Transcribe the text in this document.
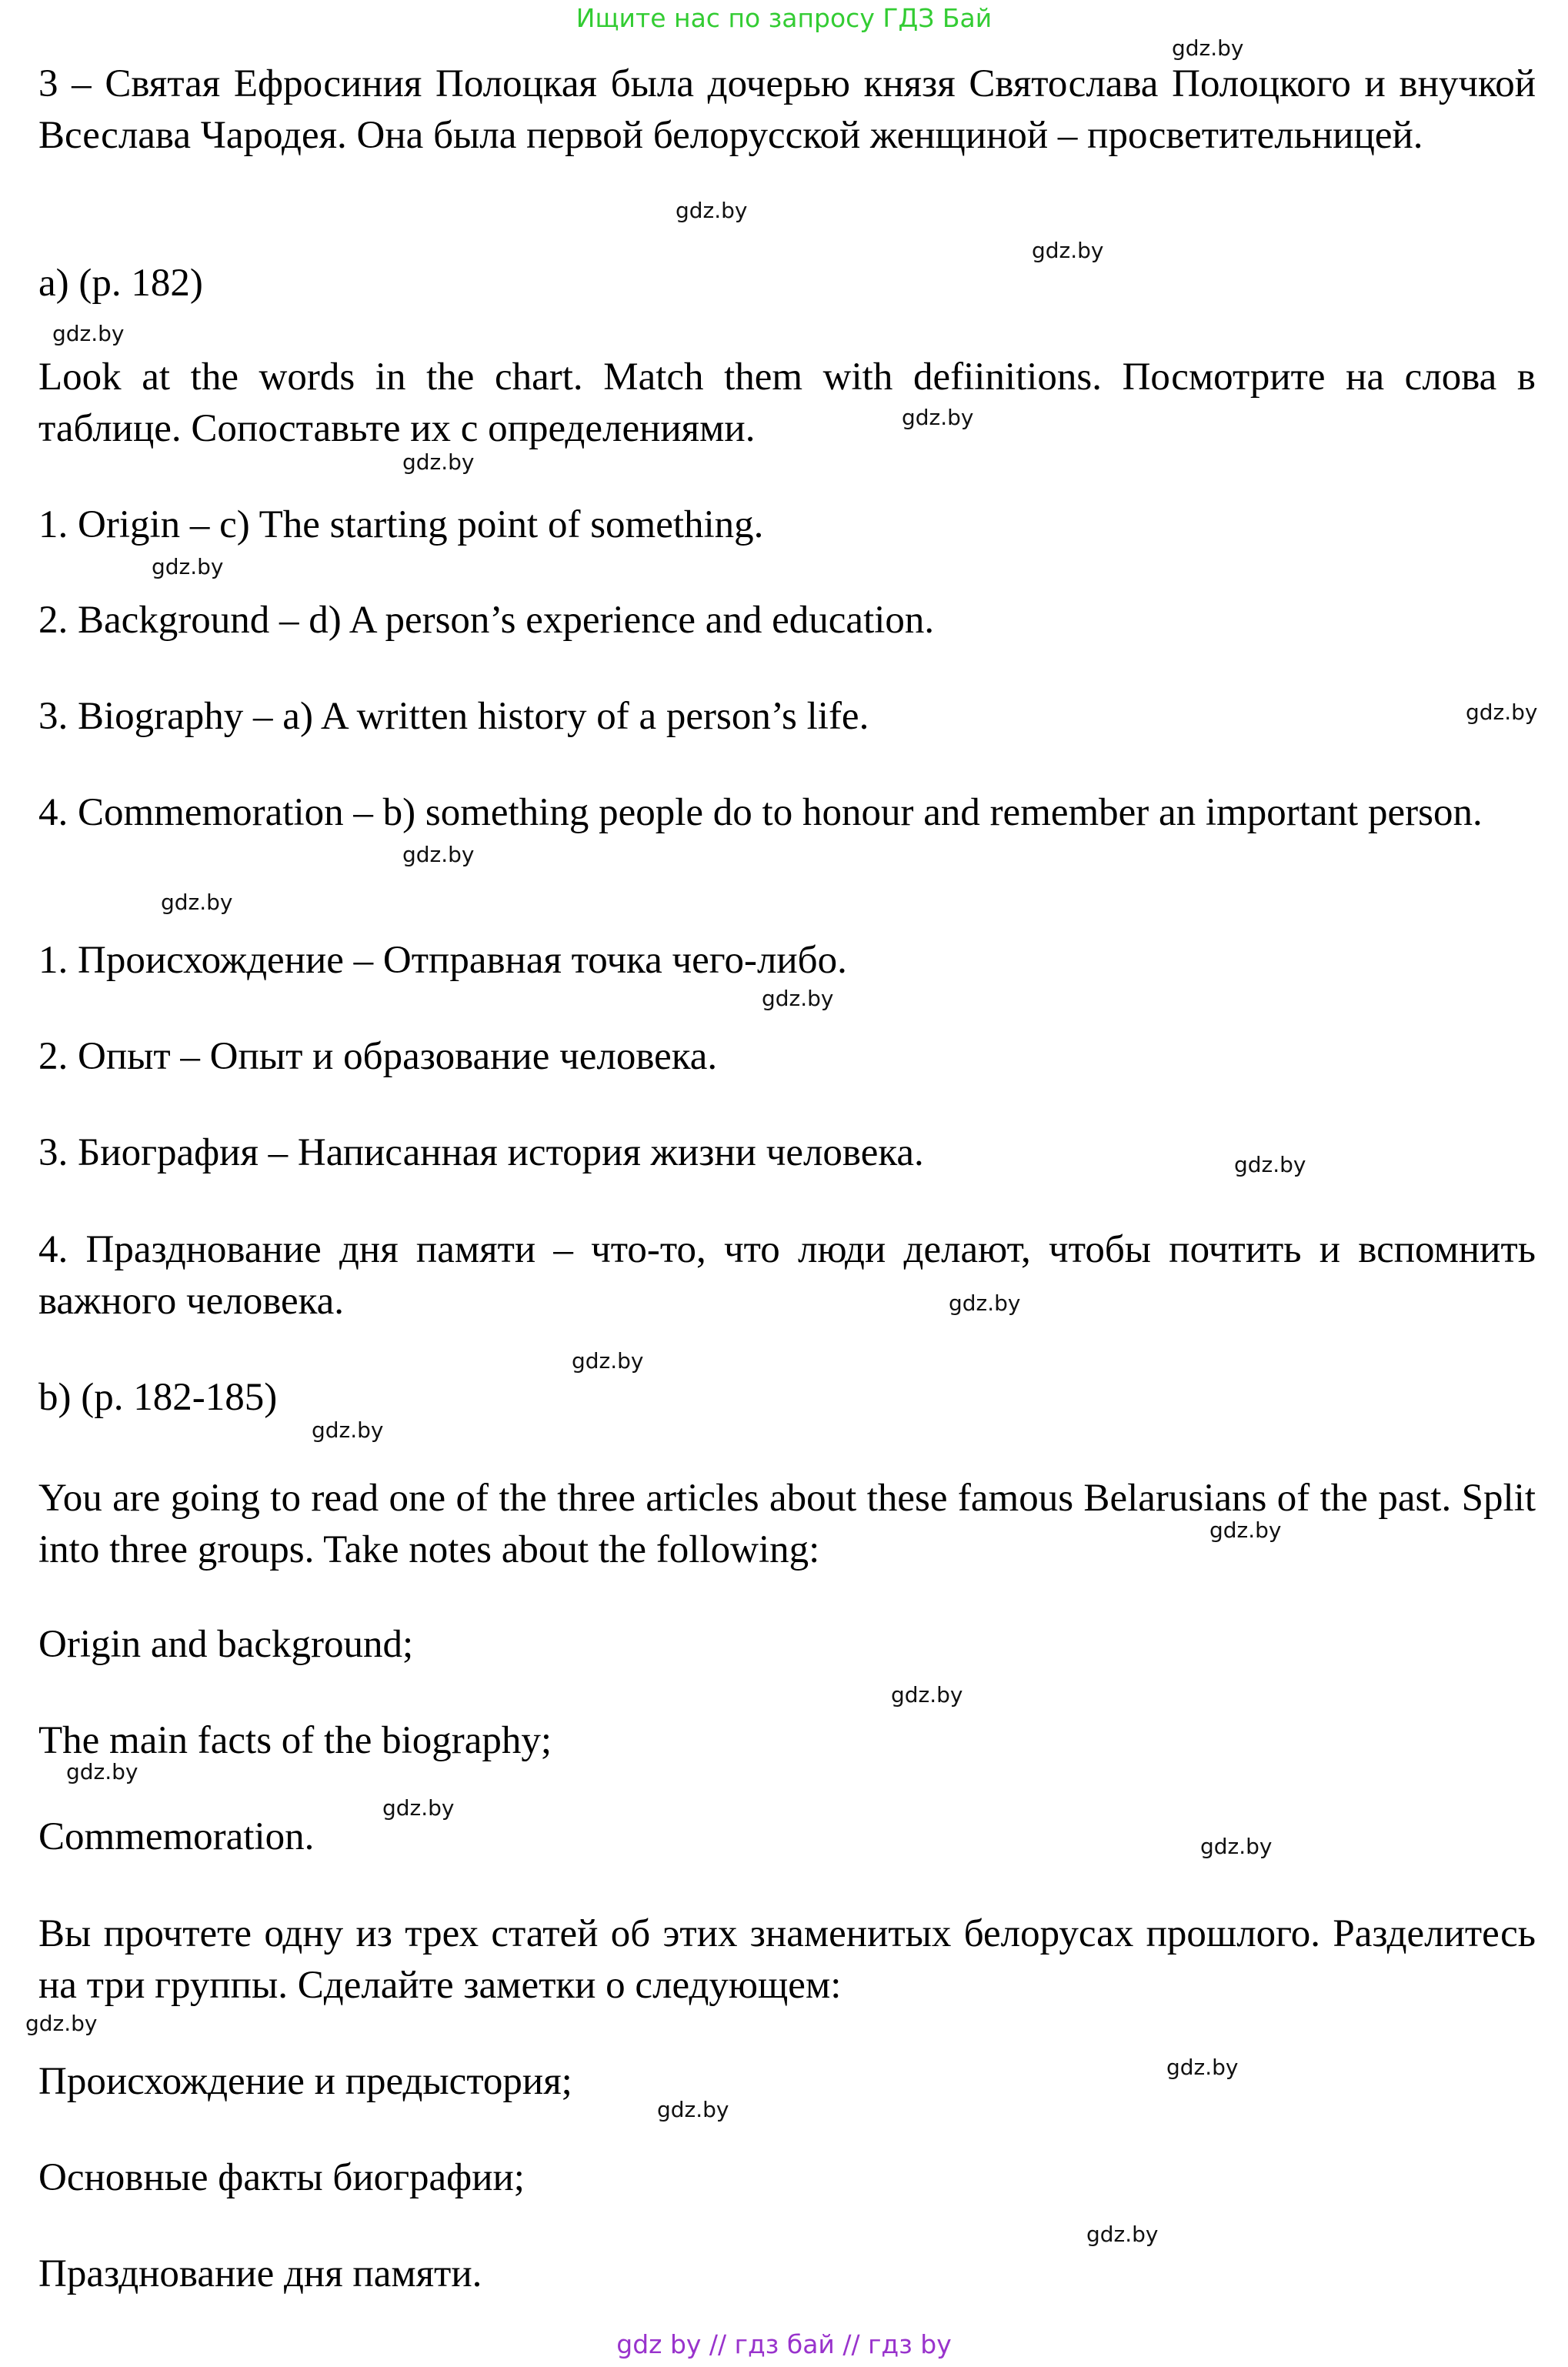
Ищите нас по запросу ГДЗ Бай
3 – Святая Ефросиния Полоцкая была дочерью князя Святослава Полоцкого и внучкой Всеслава Чародея. Она была первой белорусской женщиной – просветительницей.
a) (p. 182)
Look at the words in the chart. Match them with defiinitions. Посмотрите на слова в таблице. Сопоставьте их с определениями.
1. Origin – c) The starting point of something.
2. Background – d) A person’s experience and education.
3. Biography – a) A written history of a person’s life.
4. Commemoration – b) something people do to honour and remember an important person.
1. Происхождение – Отправная точка чего-либо.
2. Опыт – Опыт и образование человека.
3. Биография – Написанная история жизни человека.
4. Празднование дня памяти – что-то, что люди делают, чтобы почтить и вспомнить важного человека.
b) (p. 182-185)
You are going to read one of the three articles about these famous Belarusians of the past. Split into three groups. Take notes about the following:
Origin and background;
The main facts of the biography;
Commemoration.
Вы прочтете одну из трех статей об этих знаменитых белорусах прошлого. Разделитесь на три группы. Сделайте заметки о следующем:
Происхождение и предыстория;
Основные факты биографии;
Празднование дня памяти.
gdz.by
gdz.by
gdz.by
gdz.by
gdz.by
gdz.by
gdz.by
gdz.by
gdz.by
gdz.by
gdz.by
gdz.by
gdz.by
gdz.by
gdz.by
gdz.by
gdz.by
gdz.by
gdz.by
gdz.by
gdz.by
gdz.by
gdz.by
gdz.by
gdz by // гдз бай // гдз by
